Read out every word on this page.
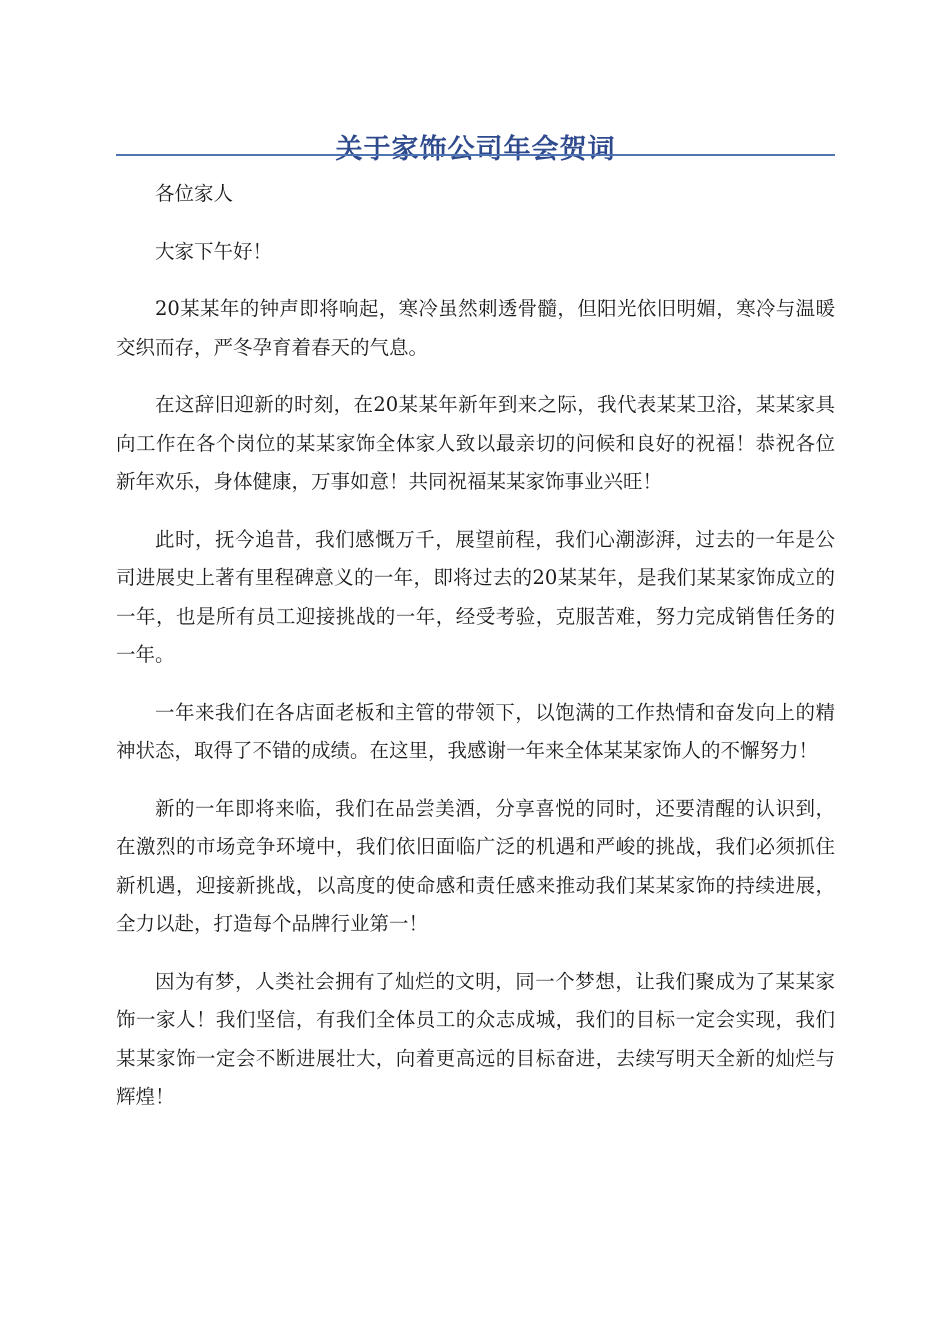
关于家饰公司年会贺词

各位家人

大家下午好！

20某某年的钟声即将响起，寒冷虽然刺透骨髓，但阳光依旧明媚，寒冷与温暖交织而存，严冬孕育着春天的气息。

在这辞旧迎新的时刻，在20某某年新年到来之际，我代表某某卫浴，某某家具向工作在各个岗位的某某家饰全体家人致以最亲切的问候和良好的祝福！恭祝各位新年欢乐，身体健康，万事如意！共同祝福某某家饰事业兴旺！

此时，抚今追昔，我们感慨万千，展望前程，我们心潮澎湃，过去的一年是公司进展史上著有里程碑意义的一年，即将过去的20某某年，是我们某某家饰成立的一年，也是所有员工迎接挑战的一年，经受考验，克服苦难，努力完成销售任务的一年。

一年来我们在各店面老板和主管的带领下，以饱满的工作热情和奋发向上的精神状态，取得了不错的成绩。在这里，我感谢一年来全体某某家饰人的不懈努力！

新的一年即将来临，我们在品尝美酒，分享喜悦的同时，还要清醒的认识到，在激烈的市场竞争环境中，我们依旧面临广泛的机遇和严峻的挑战，我们必须抓住新机遇，迎接新挑战，以高度的使命感和责任感来推动我们某某家饰的持续进展，全力以赴，打造每个品牌行业第一！

因为有梦，人类社会拥有了灿烂的文明，同一个梦想，让我们聚成为了某某家饰一家人！我们坚信，有我们全体员工的众志成城，我们的目标一定会实现，我们某某家饰一定会不断进展壮大，向着更高远的目标奋进，去续写明天全新的灿烂与辉煌！
